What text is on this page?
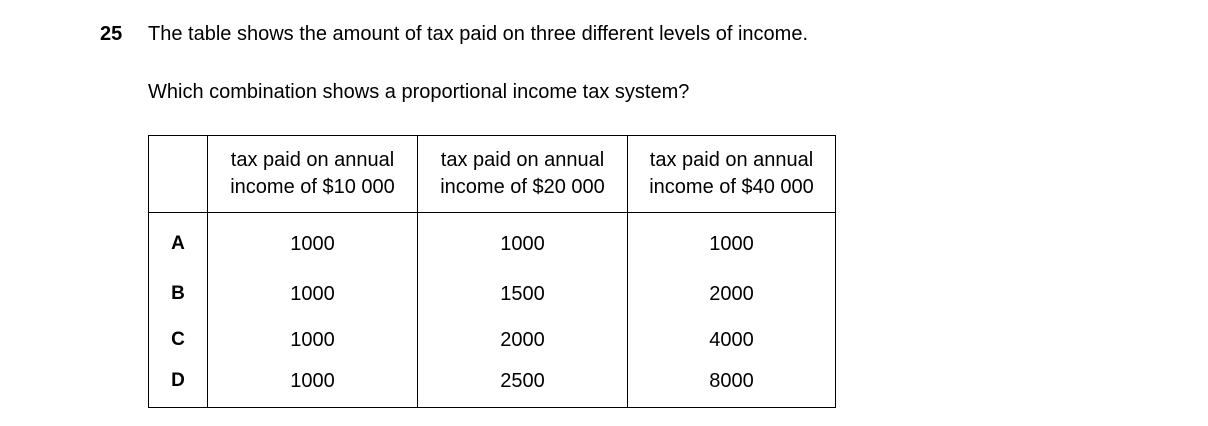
25 The table shows the amount of tax paid on three different levels of income.
Which combination shows a proportional income tax system?

	tax paid on annual
income of $10 000	tax paid on annual
income of $20 000	tax paid on annual
income of $40 000

A	1000	1000	1000
B	1000	1500	2000
C	1000	2000	4000
D	1000	2500	8000
